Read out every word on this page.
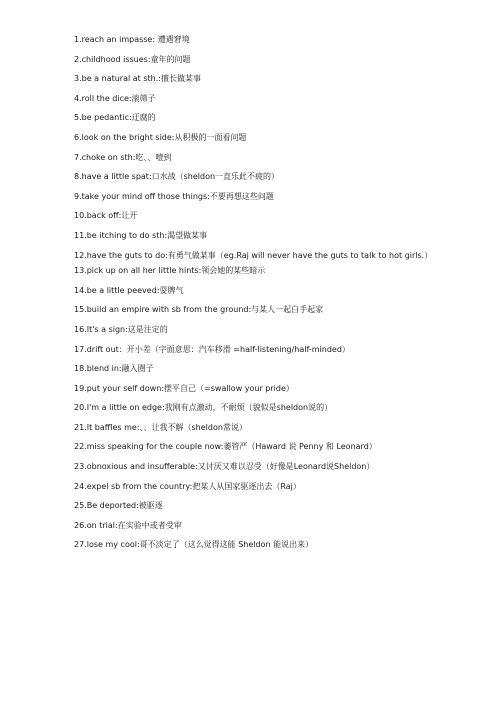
1.reach an impasse: 遭遇窘境
2.childhood issues:童年的问题
3.be a natural at sth.:擅长做某事
4.roll the dice:滚筛子
5.be pedantic:迂腐的
6.look on the bright side:从积极的一面看问题
7.choke on sth:吃、、噎到
8.have a little spat:口水战（sheldon一直乐此不疲的）
9.take your mind off those things:不要再想这些问题
10.back off:让开
11.be itching to do sth:渴望做某事
12.have the guts to do:有勇气做某事（eg.Raj will never have the guts to talk to hot girls.）
13.pick up on all her little hints:领会她的某些暗示
14.be a little peeved:耍脾气
15.build an empire with sb from the ground:与某人一起白手起家
16.It's a sign:这是注定的
17.drift out：开小差（字面意思：汽车移滑 =half-listening/half-minded）
18.blend in:融入圈子
19.put your self down:摆平自己（=swallow your pride）
20.I'm a little on edge:我刚有点激动，不耐烦（貌似是sheldon说的）
21.It baffles me:、、让我不解（sheldon常说）
22.miss speaking for the couple now:萎管严（Haward 说 Penny 和 Leonard）
23.obnoxious and insufferable:又讨厌又难以忍受（好像是Leonard说Sheldon）
24.expel sb from the country:把某人从国家驱逐出去（Raj）
25.Be deported:被驱逐
26.on trial:在实验中或者受审
27.lose my cool:哥不淡定了（这么觉得这能 Sheldon 能说出来）
